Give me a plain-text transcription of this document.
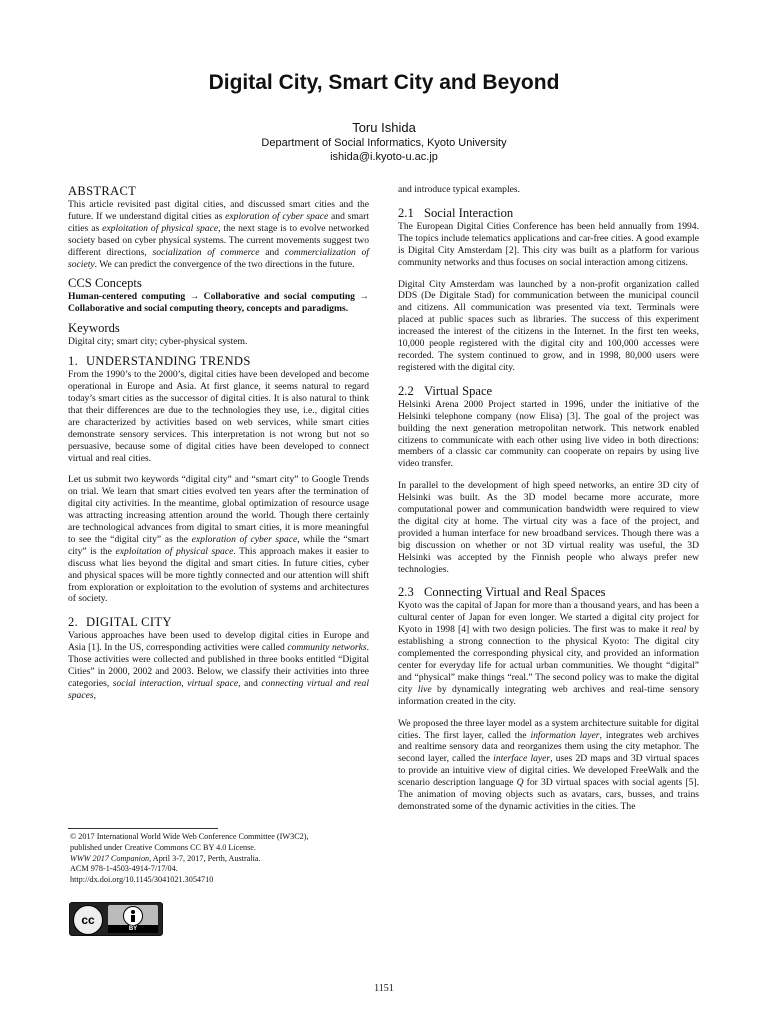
Digital City, Smart City and Beyond
Toru Ishida
Department of Social Informatics, Kyoto University
ishida@i.kyoto-u.ac.jp
ABSTRACT

This article revisited past digital cities, and discussed smart cities and the future. If we understand digital cities as exploration of cyber space and smart cities as exploitation of physical space, the next stage is to evolve networked society based on cyber physical systems. The current movements suggest two different directions, socialization of commerce and commercialization of society. We can predict the convergence of the two directions in the future.

CCS Concepts

Human-centered computing → Collaborative and social computing → Collaborative and social computing theory, concepts and paradigms.

Keywords

Digital city; smart city; cyber-physical system.

1. UNDERSTANDING TRENDS

From the 1990’s to the 2000’s, digital cities have been developed and become operational in Europe and Asia. At first glance, it seems natural to regard today’s smart cities as the successor of digital cities. It is also natural to think that their differences are due to the technologies they use, i.e., digital cities are characterized by activities based on web services, while smart cities demonstrate sensory services. This interpretation is not wrong but not so persuasive, because some of digital cities have been developed to connect virtual and real cities.

Let us submit two keywords “digital city” and “smart city” to Google Trends on trial. We learn that smart cities evolved ten years after the termination of digital city activities. In the meantime, global optimization of resource usage was attracting increasing attention around the world. Though there certainly are technological advances from digital to smart cities, it is more meaningful to see the “digital city” as the exploration of cyber space, while the “smart city” is the exploitation of physical space. This approach makes it easier to discuss what lies beyond the digital and smart cities. In future cities, cyber and physical spaces will be more tightly connected and our attention will shift from exploration or exploitation to the evolution of systems and architectures of society.

2. DIGITAL CITY

Various approaches have been used to develop digital cities in Europe and Asia [1]. In the US, corresponding activities were called community networks. Those activities were collected and published in three books entitled “Digital Cities” in 2000, 2002 and 2003. Below, we classify their activities into three categories, social interaction, virtual space, and connecting virtual and real spaces,

© 2017 International World Wide Web Conference Committee (IW3C2),
published under Creative Commons CC BY 4.0 License.
WWW 2017 Companion, April 3-7, 2017, Perth, Australia.
ACM 978-1-4503-4914-7/17/04.
http://dx.doi.org/10.1145/3041021.3054710
cc
BY

and introduce typical examples.

2.1 Social Interaction

The European Digital Cities Conference has been held annually from 1994. The topics include telematics applications and car-free cities. A good example is Digital City Amsterdam [2]. This city was built as a platform for various community networks and thus focuses on social interaction among citizens.

Digital City Amsterdam was launched by a non-profit organization called DDS (De Digitale Stad) for communication between the municipal council and citizens. All communication was presented via text. Terminals were placed at public spaces such as libraries. The success of this experiment increased the interest of the citizens in the Internet. In the first ten weeks, 10,000 people registered with the digital city and 100,000 accesses were recorded. The system continued to grow, and in 1998, 80,000 users were registered with the digital city.

2.2 Virtual Space

Helsinki Arena 2000 Project started in 1996, under the initiative of the Helsinki telephone company (now Elisa) [3]. The goal of the project was building the next generation metropolitan network. This network enabled citizens to communicate with each other using live video in both directions: members of a classic car community can cooperate on repairs by using live video transfer.

In parallel to the development of high speed networks, an entire 3D city of Helsinki was built. As the 3D model became more accurate, more computational power and communication bandwidth were required to view the digital city at home. The virtual city was a face of the project, and provided a human interface for new broadband services. Though there was a big discussion on whether or not 3D virtual reality was useful, the 3D Helsinki was accepted by the Finnish people who always prefer new technologies.

2.3 Connecting Virtual and Real Spaces

Kyoto was the capital of Japan for more than a thousand years, and has been a cultural center of Japan for even longer. We started a digital city project for Kyoto in 1998 [4] with two design policies. The first was to make it real by establishing a strong connection to the physical Kyoto: The digital city complemented the corresponding physical city, and provided an information center for everyday life for actual urban communities. We thought “digital” and “physical” make things “real.” The second policy was to make the digital city live by dynamically integrating web archives and real-time sensory information created in the city.

We proposed the three layer model as a system architecture suitable for digital cities. The first layer, called the information layer, integrates web archives and realtime sensory data and reorganizes them using the city metaphor. The second layer, called the interface layer, uses 2D maps and 3D virtual spaces to provide an intuitive view of digital cities. We developed FreeWalk and the scenario description language Q for 3D virtual spaces with social agents [5]. The animation of moving objects such as avatars, cars, busses, and trains demonstrated some of the dynamic activities in the cities. The

1151
